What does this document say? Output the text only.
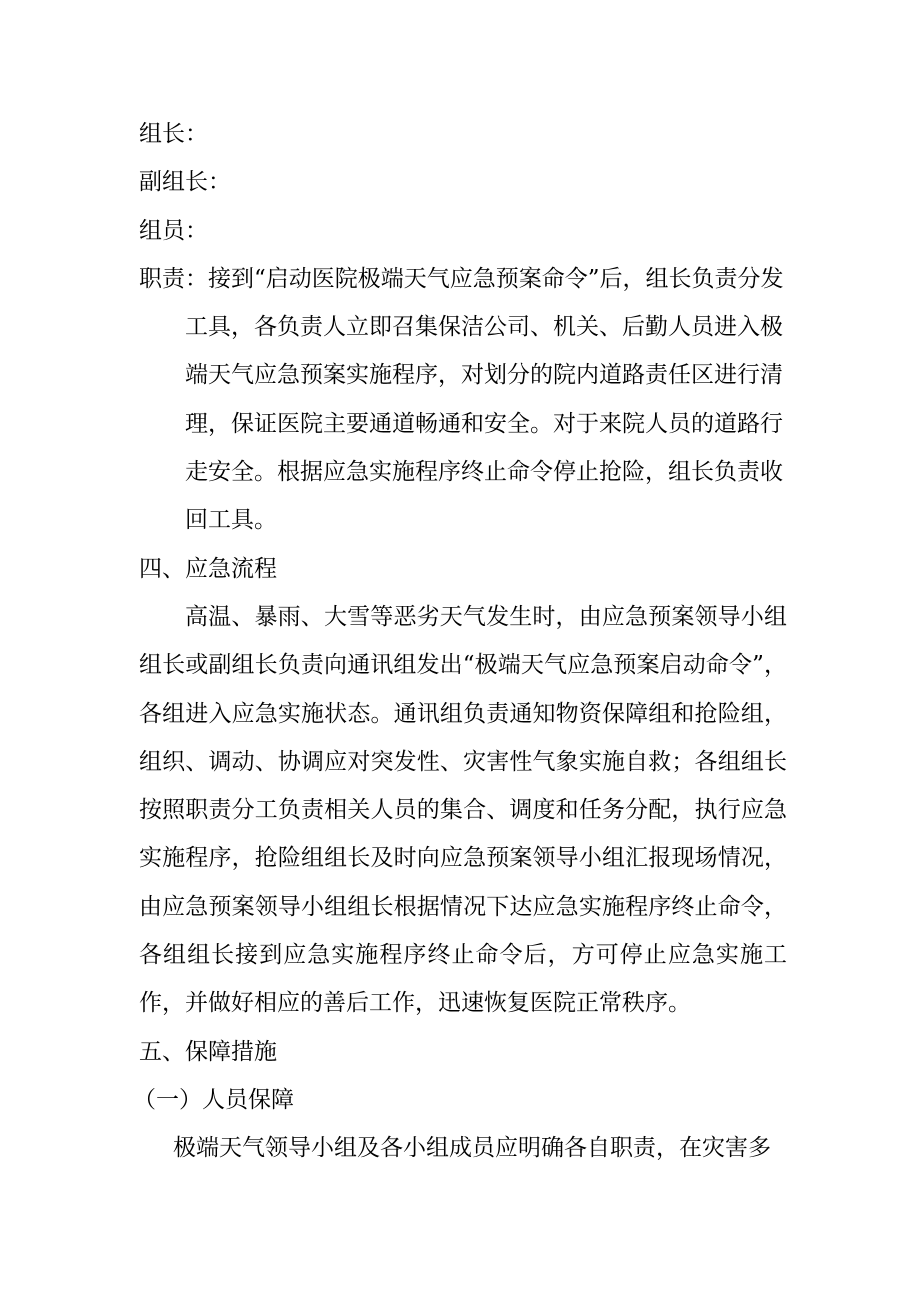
组长：

副组长：

组员：

职责：接到“启动医院极端天气应急预案命令”后，组长负责分发工具，各负责人立即召集保洁公司、机关、后勤人员进入极端天气应急预案实施程序，对划分的院内道路责任区进行清理，保证医院主要通道畅通和安全。对于来院人员的道路行走安全。根据应急实施程序终止命令停止抢险，组长负责收回工具。

四、应急流程

高温、暴雨、大雪等恶劣天气发生时，由应急预案领导小组组长或副组长负责向通讯组发出“极端天气应急预案启动命令”，各组进入应急实施状态。通讯组负责通知物资保障组和抢险组，组织、调动、协调应对突发性、灾害性气象实施自救；各组组长按照职责分工负责相关人员的集合、调度和任务分配，执行应急实施程序，抢险组组长及时向应急预案领导小组汇报现场情况，由应急预案领导小组组长根据情况下达应急实施程序终止命令，各组组长接到应急实施程序终止命令后，方可停止应急实施工作，并做好相应的善后工作，迅速恢复医院正常秩序。

五、保障措施

（一）人员保障

极端天气领导小组及各小组成员应明确各自职责，在灾害多
